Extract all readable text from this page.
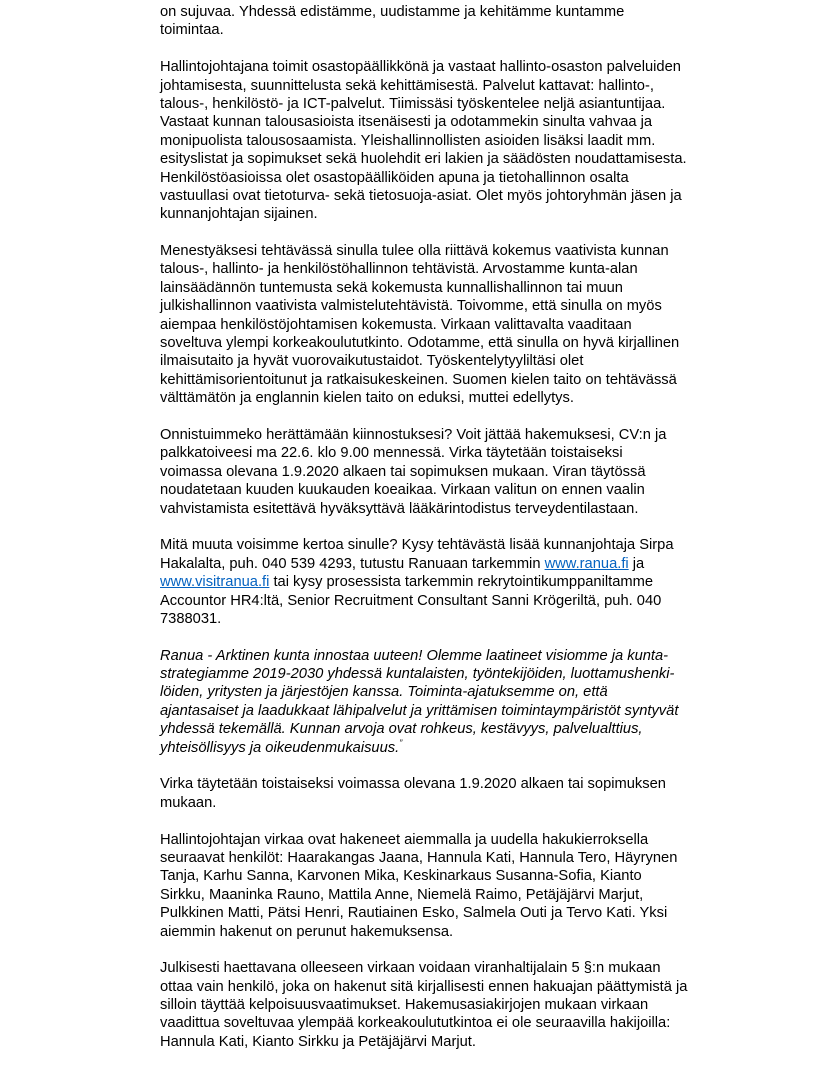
on sujuvaa. Yhdessä edistämme, uudistamme ja kehitämme kuntamme
toimintaa.

Hallintojohtajana toimit osastopäällikkönä ja vastaat hallinto-osaston palveluiden
johtamisesta, suunnittelusta sekä kehittämisestä. Palvelut kattavat: hallinto-,
talous-, henkilöstö- ja ICT-palvelut. Tiimissäsi työskentelee neljä asiantuntijaa.
Vastaat kunnan talousasioista itsenäisesti ja odotammekin sinulta vahvaa ja
monipuolista talousosaamista. Yleishallinnollisten asioiden lisäksi laadit mm.
esityslistat ja sopimukset sekä huolehdit eri lakien ja säädösten noudattamisesta.
Henkilöstöasioissa olet osastopäälliköiden apuna ja tietohallinnon osalta
vastuullasi ovat tietoturva- sekä tietosuoja-asiat. Olet myös johtoryhmän jäsen ja
kunnanjohtajan sijainen.

Menestyäksesi tehtävässä sinulla tulee olla riittävä kokemus vaativista kunnan
talous-, hallinto- ja henkilöstöhallinnon tehtävistä. Arvostamme kunta-alan
lainsäädännön tuntemusta sekä kokemusta kunnallishallinnon tai muun
julkishallinnon vaativista valmistelutehtävistä. Toivomme, että sinulla on myös
aiempaa henkilöstöjohtamisen kokemusta. Virkaan valittavalta vaaditaan
soveltuva ylempi korkeakoulututkinto. Odotamme, että sinulla on hyvä kirjallinen
ilmaisutaito ja hyvät vuorovaikutustaidot. Työskentelytyyliltäsi olet
kehittämisorientoitunut ja ratkaisukeskeinen. Suomen kielen taito on tehtävässä
välttämätön ja englannin kielen taito on eduksi, muttei edellytys.

Onnistuimmeko herättämään kiinnostuksesi? Voit jättää hakemuksesi, CV:n ja
palkkatoiveesi ma 22.6. klo 9.00 mennessä. Virka täytetään toistaiseksi
voimassa olevana 1.9.2020 alkaen tai sopimuksen mukaan. Viran täytössä
noudatetaan kuuden kuukauden koeaikaa. Virkaan valitun on ennen vaalin
vahvistamista esitettävä hyväksyttävä lääkärintodistus terveydentilastaan.

Mitä muuta voisimme kertoa sinulle? Kysy tehtävästä lisää kunnanjohtaja Sirpa
Hakalalta, puh. 040 539 4293, tutustu Ranuaan tarkemmin www.ranua.fi ja
www.visitranua.fi tai kysy prosessista tarkemmin rekrytointikumppaniltamme
Accountor HR4:ltä, Senior Recruitment Consultant Sanni Krögeriltä, puh. 040
7388031.

Ranua - Arktinen kunta innostaa uuteen! Olemme laatineet visiomme ja kunta-
strategiamme 2019-2030 yhdessä kuntalaisten, työntekijöiden, luottamushenki-
löiden, yritysten ja järjestöjen kanssa. Toiminta-ajatuksemme on, että
ajantasaiset ja laadukkaat lähipalvelut ja yrittämisen toimintaympäristöt syntyvät
yhdessä tekemällä. Kunnan arvoja ovat rohkeus, kestävyys, palvelualttius,
yhteisöllisyys ja oikeudenmukaisuus.”

Virka täytetään toistaiseksi voimassa olevana 1.9.2020 alkaen tai sopimuksen
mukaan.

Hallintojohtajan virkaa ovat hakeneet aiemmalla ja uudella hakukierroksella
seuraavat henkilöt: Haarakangas Jaana, Hannula Kati, Hannula Tero, Häyrynen
Tanja, Karhu Sanna, Karvonen Mika, Keskinarkaus Susanna-Sofia, Kianto
Sirkku, Maaninka Rauno, Mattila Anne, Niemelä Raimo, Petäjäjärvi Marjut,
Pulkkinen Matti, Pätsi Henri, Rautiainen Esko, Salmela Outi ja Tervo Kati. Yksi
aiemmin hakenut on perunut hakemuksensa.

Julkisesti haettavana olleeseen virkaan voidaan viranhaltijalain 5 §:n mukaan
ottaa vain henkilö, joka on hakenut sitä kirjallisesti ennen hakuajan päättymistä ja
silloin täyttää kelpoisuusvaatimukset. Hakemusasiakirjojen mukaan virkaan
vaadittua soveltuvaa ylempää korkeakoulututkintoa ei ole seuraavilla hakijoilla:
Hannula Kati, Kianto Sirkku ja Petäjäjärvi Marjut.
